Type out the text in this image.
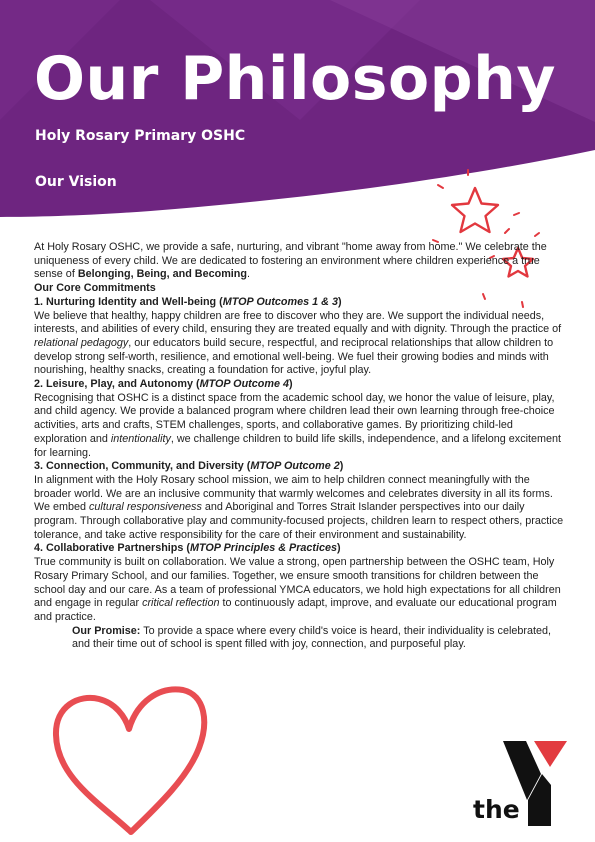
Our Philosophy
Holy Rosary Primary OSHC
Our Vision

At Holy Rosary OSHC, we provide a safe, nurturing, and vibrant "home away from home." We celebrate the uniqueness of every child. We are dedicated to fostering an environment where children experience a true sense of Belonging, Being, and Becoming.

Our Core Commitments

1. Nurturing Identity and Well-being (MTOP Outcomes 1 & 3)

We believe that healthy, happy children are free to discover who they are. We support the individual needs, interests, and abilities of every child, ensuring they are treated equally and with dignity. Through the practice of relational pedagogy, our educators build secure, respectful, and reciprocal relationships that allow children to develop strong self-worth, resilience, and emotional well-being. We fuel their growing bodies and minds with nourishing, healthy snacks, creating a foundation for active, joyful play.

2. Leisure, Play, and Autonomy (MTOP Outcome 4)

Recognising that OSHC is a distinct space from the academic school day, we honor the value of leisure, play, and child agency. We provide a balanced program where children lead their own learning through free-choice activities, arts and crafts, STEM challenges, sports, and collaborative games. By prioritizing child-led exploration and intentionality, we challenge children to build life skills, independence, and a lifelong excitement for learning.

3. Connection, Community, and Diversity (MTOP Outcome 2)

In alignment with the Holy Rosary school mission, we aim to help children connect meaningfully with the broader world. We are an inclusive community that warmly welcomes and celebrates diversity in all its forms. We embed cultural responsiveness and Aboriginal and Torres Strait Islander perspectives into our daily program. Through collaborative play and community-focused projects, children learn to respect others, practice tolerance, and take active responsibility for the care of their environment and sustainability.

4. Collaborative Partnerships (MTOP Principles & Practices)

True community is built on collaboration. We value a strong, open partnership between the OSHC team, Holy Rosary Primary School, and our families. Together, we ensure smooth transitions for children between the school day and our care. As a team of professional YMCA educators, we hold high expectations for all children and engage in regular critical reflection to continuously adapt, improve, and evaluate our educational program and practice.

Our Promise: To provide a space where every child's voice is heard, their individuality is celebrated, and their time out of school is spent filled with joy, connection, and purposeful play.

the
